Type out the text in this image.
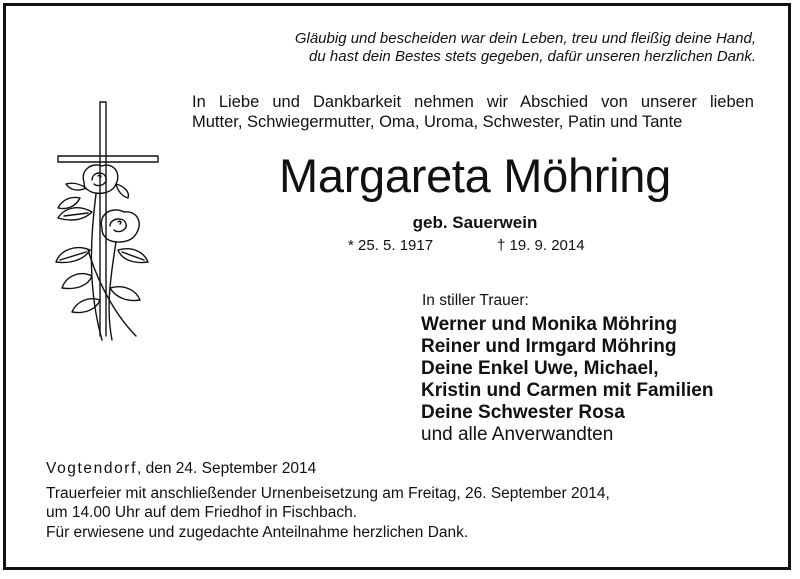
Gläubig und bescheiden war dein Leben, treu und fleißig deine Hand,
du hast dein Bestes stets gegeben, dafür unseren herzlichen Dank.
In Liebe und Dankbarkeit nehmen wir Abschied von unserer lieben
Mutter, Schwiegermutter, Oma, Uroma, Schwester, Patin und Tante
Margareta Möhring
geb. Sauerwein
* 25. 5. 1917	† 19. 9. 2014
In stiller Trauer:
Werner und Monika Möhring
Reiner und Irmgard Möhring
Deine Enkel Uwe, Michael,
Kristin und Carmen mit Familien
Deine Schwester Rosa
und alle Anverwandten
Vogtendorf, den 24. September 2014
Trauerfeier mit anschließender Urnenbeisetzung am Freitag, 26. September 2014,
um 14.00 Uhr auf dem Friedhof in Fischbach.
Für erwiesene und zugedachte Anteilnahme herzlichen Dank.
